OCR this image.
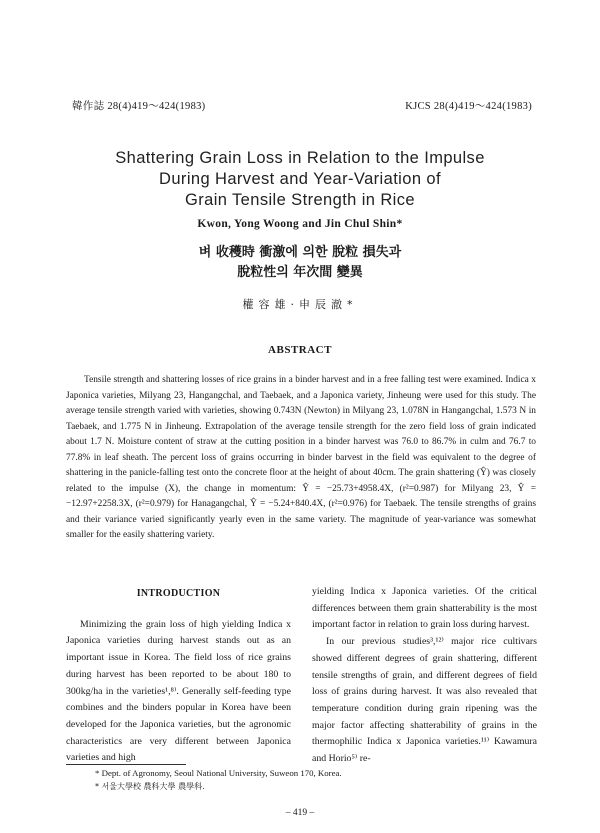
韓作誌 28(4)419〜424(1983)	KJCS 28(4)419〜424(1983)
Shattering Grain Loss in Relation to the Impulse
During Harvest and Year-Variation of
Grain Tensile Strength in Rice
Kwon, Yong Woong and Jin Chul Shin*
벼 收穫時 衝激에 의한 脫粒 損失과
脫粒性의 年次間 變異
權容雄·申辰澈*
ABSTRACT
Tensile strength and shattering losses of rice grains in a binder harvest and in a free falling test were examined. Indica x Japonica varieties, Milyang 23, Hangangchal, and Taebaek, and a Japonica variety, Jinheung were used for this study. The average tensile strength varied with varieties, showing 0.743N (Newton) in Milyang 23, 1.078N in Hangangchal, 1.573 N in Taebaek, and 1.775 N in Jinheung. Extrapolation of the average tensile strength for the zero field loss of grain indicated about 1.7 N. Moisture content of straw at the cutting position in a binder harvest was 76.0 to 86.7% in culm and 76.7 to 77.8% in leaf sheath. The percent loss of grains occurring in binder barvest in the field was equivalent to the degree of shattering in the panicle-falling test onto the concrete floor at the height of about 40cm. The grain shattering (Ŷ) was closely related to the impulse (X), the change in momentum: Ŷ = −25.73+4958.4X, (r²=0.987) for Milyang 23, Ŷ = −12.97+2258.3X, (r²=0.979) for Hanagangchal, Ŷ = −5.24+840.4X, (r²=0.976) for Taebaek. The tensile strengths of grains and their variance varied significantly yearly even in the same variety. The magnitude of year-variance was somewhat smaller for the easily shattering variety.
INTRODUCTION
Minimizing the grain loss of high yielding Indica x Japonica varieties during harvest stands out as an important issue in Korea. The field loss of rice grains during harvest has been reported to be about 180 to 300kg/ha in the varieties¹,⁸⁾. Generally self-feeding type combines and the binders popular in Korea have been developed for the Japonica varieties, but the agronomic characteristics are very different between Japonica varieties and high
yielding Indica x Japonica varieties. Of the critical differences between them grain shatterability is the most important factor in relation to grain loss during harvest.
In our previous studies³,¹²⁾ major rice cultivars showed different degrees of grain shattering, different tensile strengths of grain, and different degrees of field loss of grains during harvest. It was also revealed that temperature condition during grain ripening was the major factor affecting shatterability of grains in the thermophilic Indica x Japonica varieties.¹¹⁾ Kawamura and Horio⁵⁾ re-
* Dept. of Agronomy, Seoul National University, Suweon 170, Korea.
* 서울大學校 農科大學 農學科.
– 419 –
